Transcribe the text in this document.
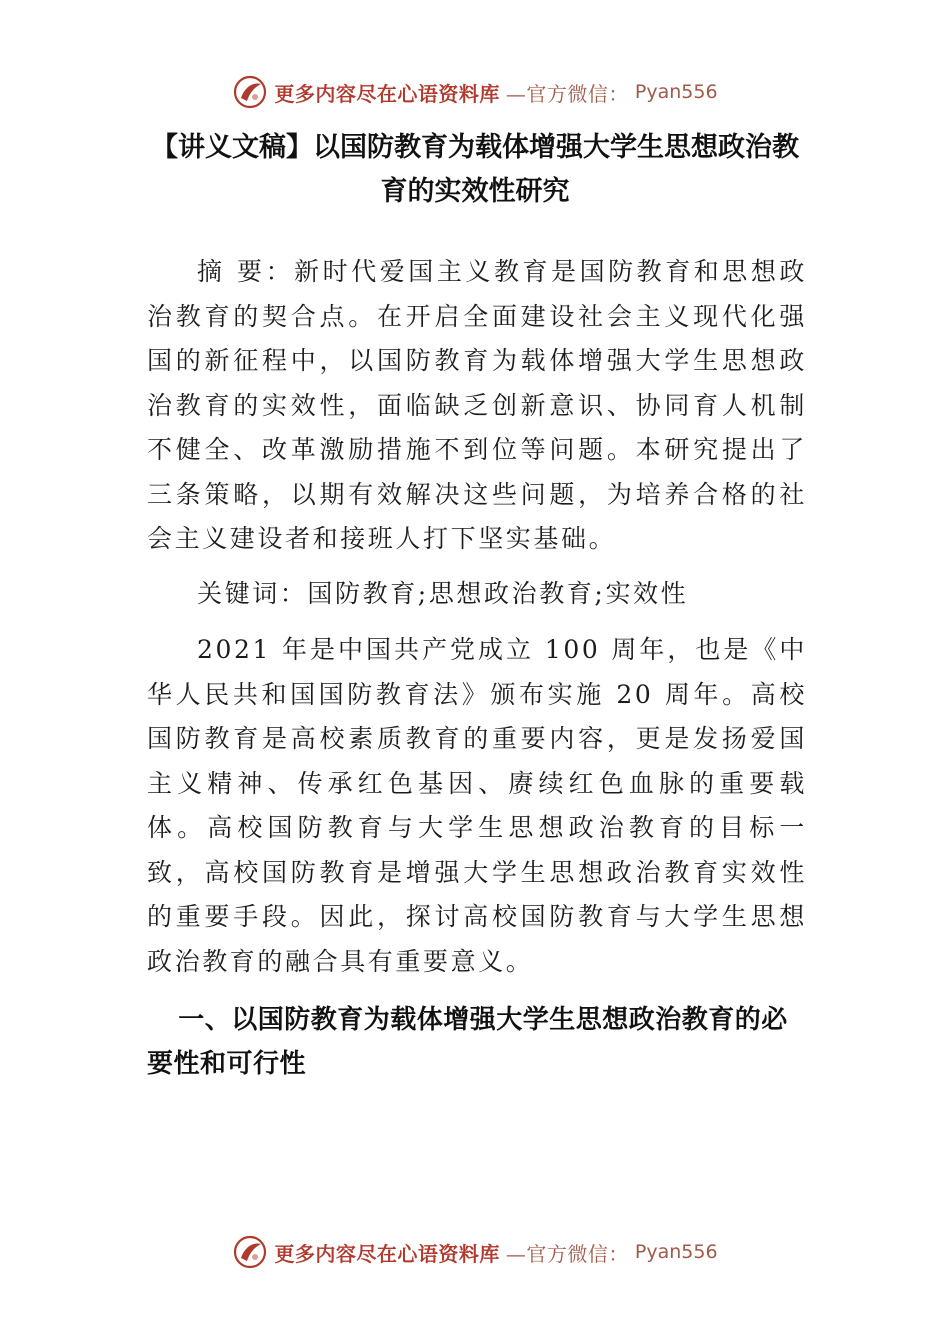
更多内容尽在心语资料库 —官方微信： Pyan556
【讲义文稿】以国防教育为载体增强大学生思想政治教育的实效性研究

摘 要：新时代爱国主义教育是国防教育和思想政治教育的契合点。在开启全面建设社会主义现代化强国的新征程中，以国防教育为载体增强大学生思想政治教育的实效性，面临缺乏创新意识、协同育人机制不健全、改革激励措施不到位等问题。本研究提出了三条策略，以期有效解决这些问题，为培养合格的社会主义建设者和接班人打下坚实基础。

关键词：国防教育;思想政治教育;实效性

2021 年是中国共产党成立 100 周年，也是《中华人民共和国国防教育法》颁布实施 20 周年。高校国防教育是高校素质教育的重要内容，更是发扬爱国主义精神、传承红色基因、赓续红色血脉的重要载体。高校国防教育与大学生思想政治教育的目标一致，高校国防教育是增强大学生思想政治教育实效性的重要手段。因此，探讨高校国防教育与大学生思想政治教育的融合具有重要意义。

一、以国防教育为载体增强大学生思想政治教育的必要性和可行性
更多内容尽在心语资料库 —官方微信： Pyan556
